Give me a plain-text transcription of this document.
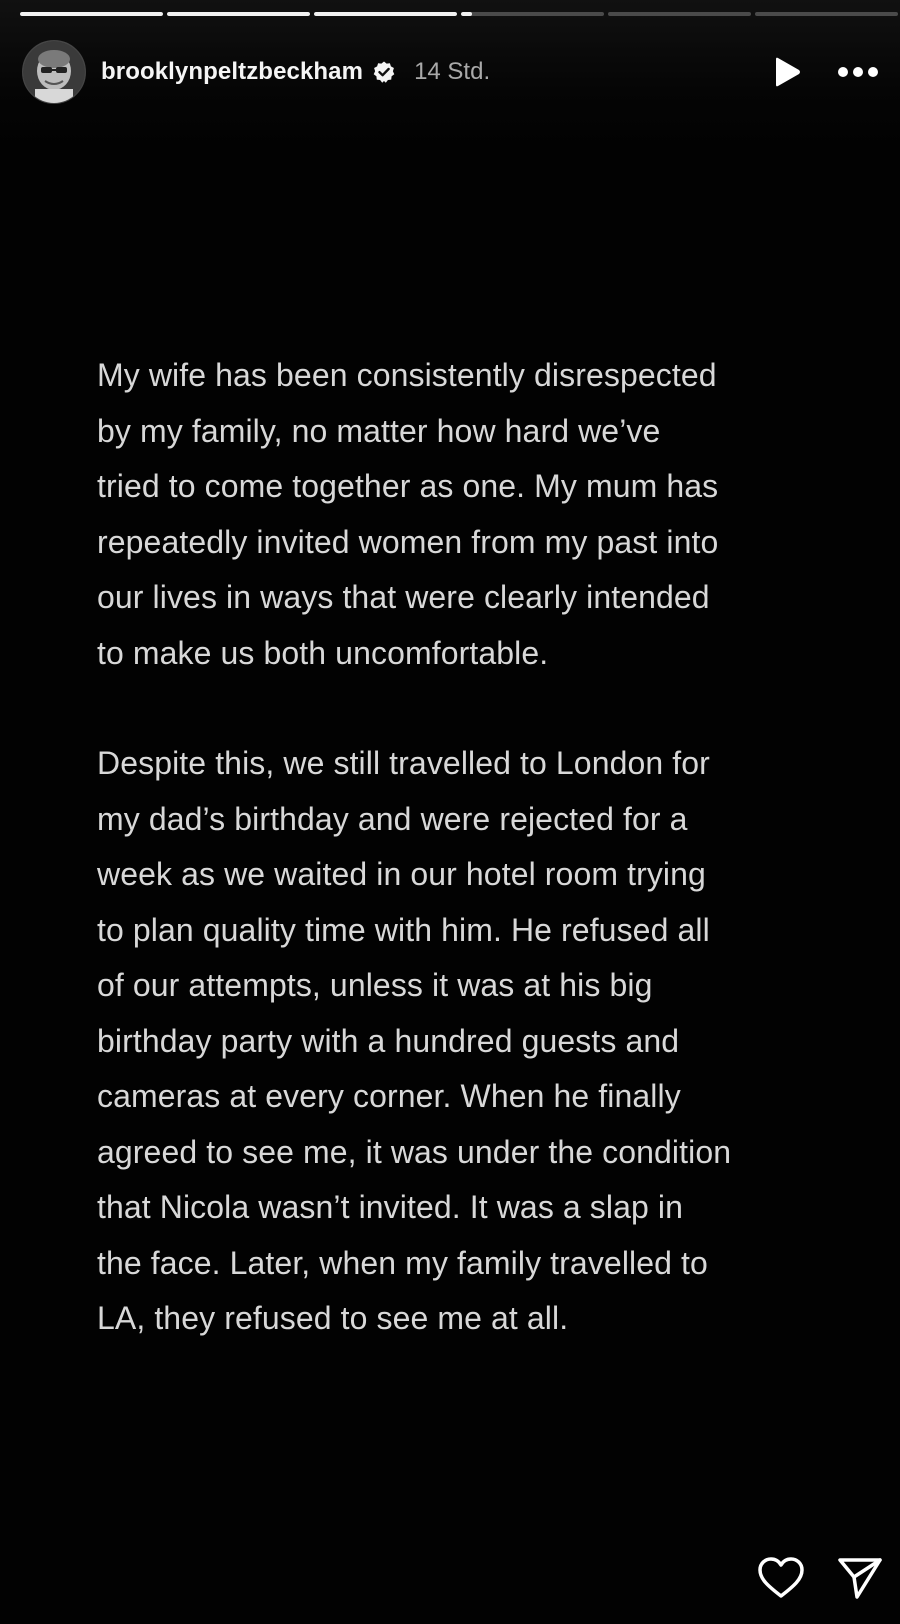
brooklynpeltzbeckham 14 Std.

My wife has been consistently disrespected
by my family, no matter how hard we’ve
tried to come together as one. My mum has
repeatedly invited women from my past into
our lives in ways that were clearly intended
to make us both uncomfortable.

Despite this, we still travelled to London for
my dad’s birthday and were rejected for a
week as we waited in our hotel room trying
to plan quality time with him. He refused all
of our attempts, unless it was at his big
birthday party with a hundred guests and
cameras at every corner. When he finally
agreed to see me, it was under the condition
that Nicola wasn’t invited. It was a slap in
the face. Later, when my family travelled to
LA, they refused to see me at all.
